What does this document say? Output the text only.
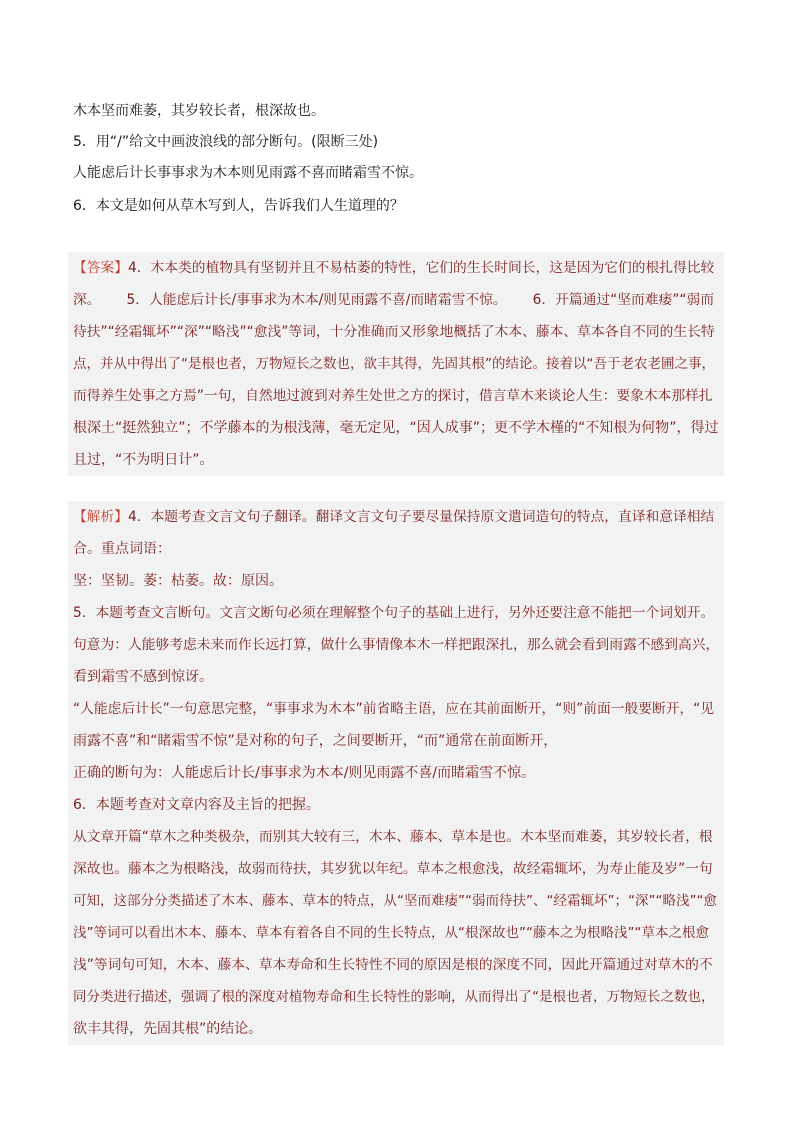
木本坚而难萎，其岁较长者，根深故也。
5．用“/”给文中画波浪线的部分断句。(限断三处)
人能虑后计长事事求为木本则见雨露不喜而睹霜雪不惊。
6．本文是如何从草木写到人，告诉我们人生道理的？
【答案】4．木本类的植物具有坚韧并且不易枯萎的特性，它们的生长时间长，这是因为它们的根扎得比较
深。 5．人能虑后计长/事事求为木本/则见雨露不喜/而睹霜雪不惊。 6．开篇通过“坚而难痿”“弱而
待扶”“经霜辄坏”“深”“略浅”“愈浅”等词，十分准确而又形象地概括了木本、藤本、草本各自不同的生长特
点，并从中得出了“是根也者，万物短长之数也，欲丰其得，先固其根”的结论。接着以“吾于老农老圃之事，
而得养生处事之方焉”一句，自然地过渡到对养生处世之方的探讨，借言草木来谈论人生：要象木本那样扎
根深土“挺然独立”；不学藤本的为根浅薄，毫无定见，“因人成事”；更不学木槿的“不知根为何物”，得过
且过，“不为明日计”。
【解析】4．本题考查文言文句子翻译。翻译文言文句子要尽量保持原文遣词造句的特点，直译和意译相结
合。重点词语：
坚：坚韧。萎：枯萎。故：原因。
5．本题考查文言断句。文言文断句必须在理解整个句子的基础上进行，另外还要注意不能把一个词划开。
句意为：人能够考虑未来而作长远打算，做什么事情像本木一样把跟深扎，那么就会看到雨露不感到高兴，
看到霜雪不感到惊讶。
“人能虑后计长”一句意思完整，“事事求为木本”前省略主语，应在其前面断开，“则”前面一般要断开，“见
雨露不喜”和“睹霜雪不惊”是对称的句子，之间要断开，“而”通常在前面断开，
正确的断句为：人能虑后计长/事事求为木本/则见雨露不喜/而睹霜雪不惊。
6．本题考查对文章内容及主旨的把握。
从文章开篇“草木之种类极杂，而别其大较有三，木本、藤本、草本是也。木本坚而难萎，其岁较长者，根
深故也。藤本之为根略浅，故弱而待扶，其岁犹以年纪。草本之根愈浅，故经霜辄坏，为寿止能及岁”一句
可知，这部分分类描述了木本、藤本、草本的特点，从“坚而难痿”“弱而待扶”、“经霜辄坏”；“深”“略浅”“愈
浅”等词可以看出木本、藤本、草本有着各自不同的生长特点，从“根深故也”“藤本之为根略浅”“草本之根愈
浅”等词句可知，木本、藤本、草本寿命和生长特性不同的原因是根的深度不同，因此开篇通过对草木的不
同分类进行描述，强调了根的深度对植物寿命和生长特性的影响，从而得出了“是根也者，万物短长之数也，
欲丰其得，先固其根”的结论。
